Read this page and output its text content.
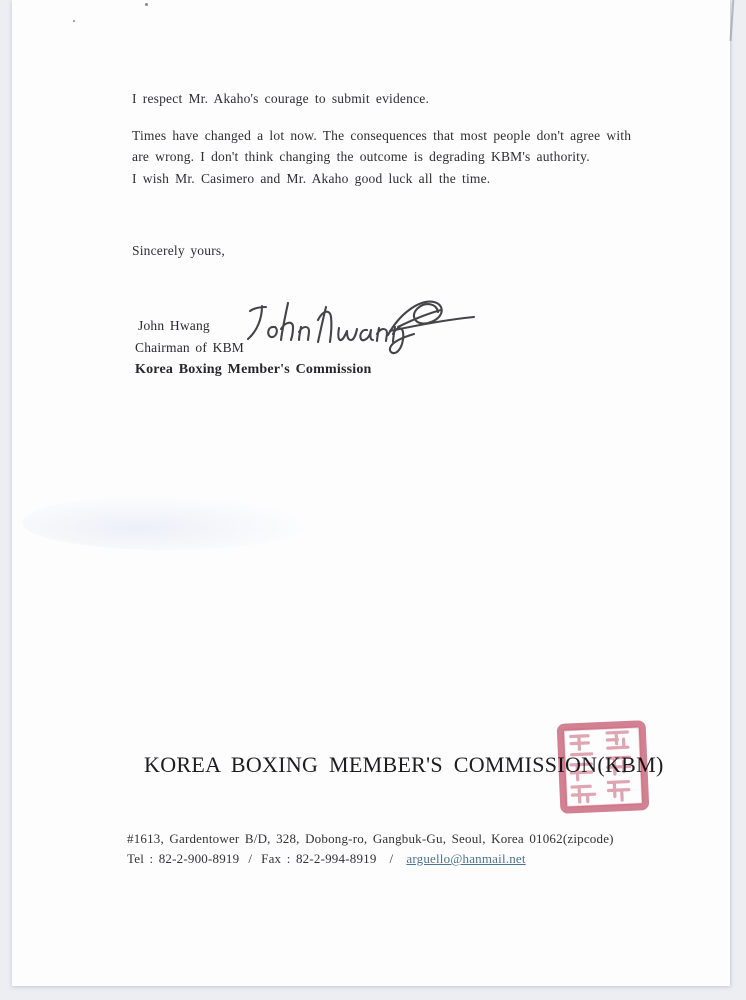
I respect Mr. Akaho's courage to submit evidence.
Times have changed a lot now. The consequences that most people don't agree with
are wrong. I don't think changing the outcome is degrading KBM's authority.
I wish Mr. Casimero and Mr. Akaho good luck all the time.
Sincerely yours,
John Hwang
Chairman of KBM
Korea Boxing Member's Commission
KOREA BOXING MEMBER'S COMMISSION(KBM)
#1613, Gardentower B/D, 328, Dobong-ro, Gangbuk-Gu, Seoul, Korea 01062(zipcode)
Tel : 82-2-900-8919 / Fax : 82-2-994-8919 / arguello@hanmail.net
